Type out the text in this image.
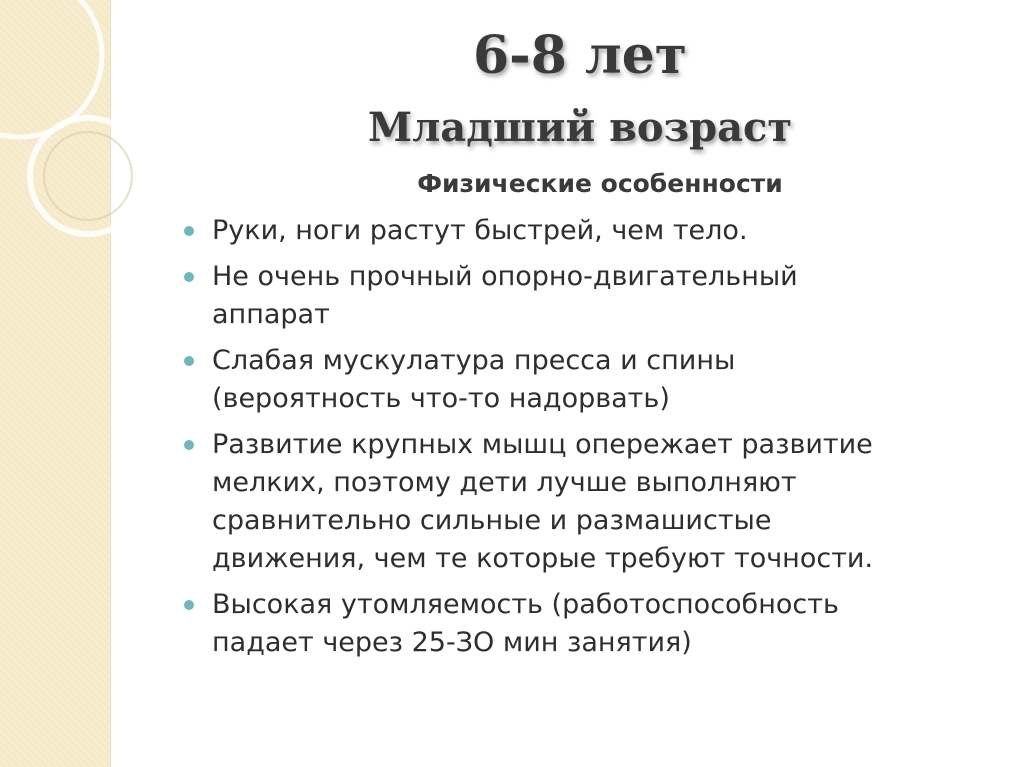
6-8 лет
Младший возраст
Физические особенности
Руки, ноги растут быстрей, чем тело.
Не очень прочный опорно-двигательный
аппарат
Слабая мускулатура пресса и спины
(вероятность что-то надорвать)
Развитие крупных мышц опережает развитие
мелких, поэтому дети лучше выполняют
сравнительно сильные и размашистые
движения, чем те которые требуют точности.
Высокая утомляемость (работоспособность
падает через 25-ЗО мин занятия)
